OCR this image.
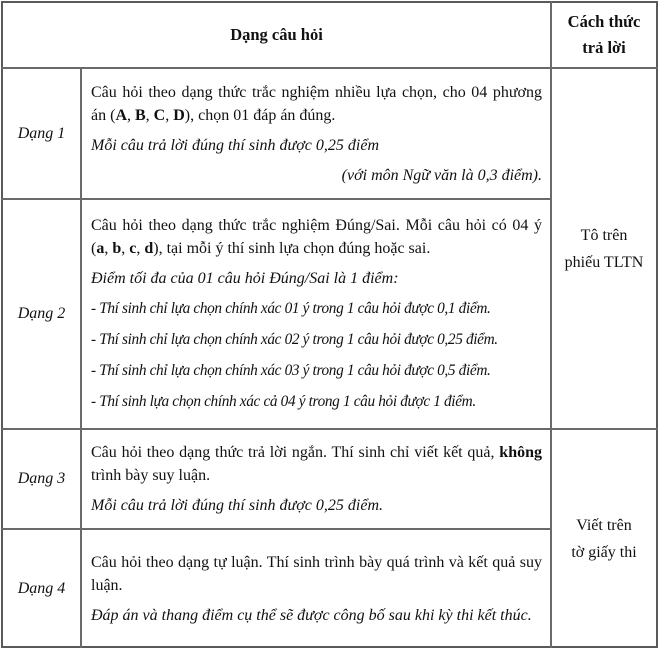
Dạng câu hỏi
Cách thức trả lời
Dạng 1

Câu hỏi theo dạng thức trắc nghiệm nhiều lựa chọn, cho 04 phương án (A, B, C, D), chọn 01 đáp án đúng.

Mỗi câu trả lời đúng thí sinh được 0,25 điểm

(với môn Ngữ văn là 0,3 điểm).

Dạng 2

Câu hỏi theo dạng thức trắc nghiệm Đúng/Sai. Mỗi câu hỏi có 04 ý (a, b, c, d), tại mỗi ý thí sinh lựa chọn đúng hoặc sai.

Điểm tối đa của 01 câu hỏi Đúng/Sai là 1 điểm:

- Thí sinh chỉ lựa chọn chính xác 01 ý trong 1 câu hỏi được 0,1 điểm.

- Thí sinh chỉ lựa chọn chính xác 02 ý trong 1 câu hỏi được 0,25 điểm.

- Thí sinh chỉ lựa chọn chính xác 03 ý trong 1 câu hỏi được 0,5 điểm.

- Thí sinh lựa chọn chính xác cả 04 ý trong 1 câu hỏi được 1 điểm.

Tô trên
phiếu TLTN
Dạng 3

Câu hỏi theo dạng thức trả lời ngắn. Thí sinh chỉ viết kết quả, không trình bày suy luận.

Mỗi câu trả lời đúng thí sinh được 0,25 điểm.

Dạng 4

Câu hỏi theo dạng tự luận. Thí sinh trình bày quá trình và kết quả suy luận.

Đáp án và thang điểm cụ thể sẽ được công bố sau khi kỳ thi kết thúc.

Viết trên
tờ giấy thi
